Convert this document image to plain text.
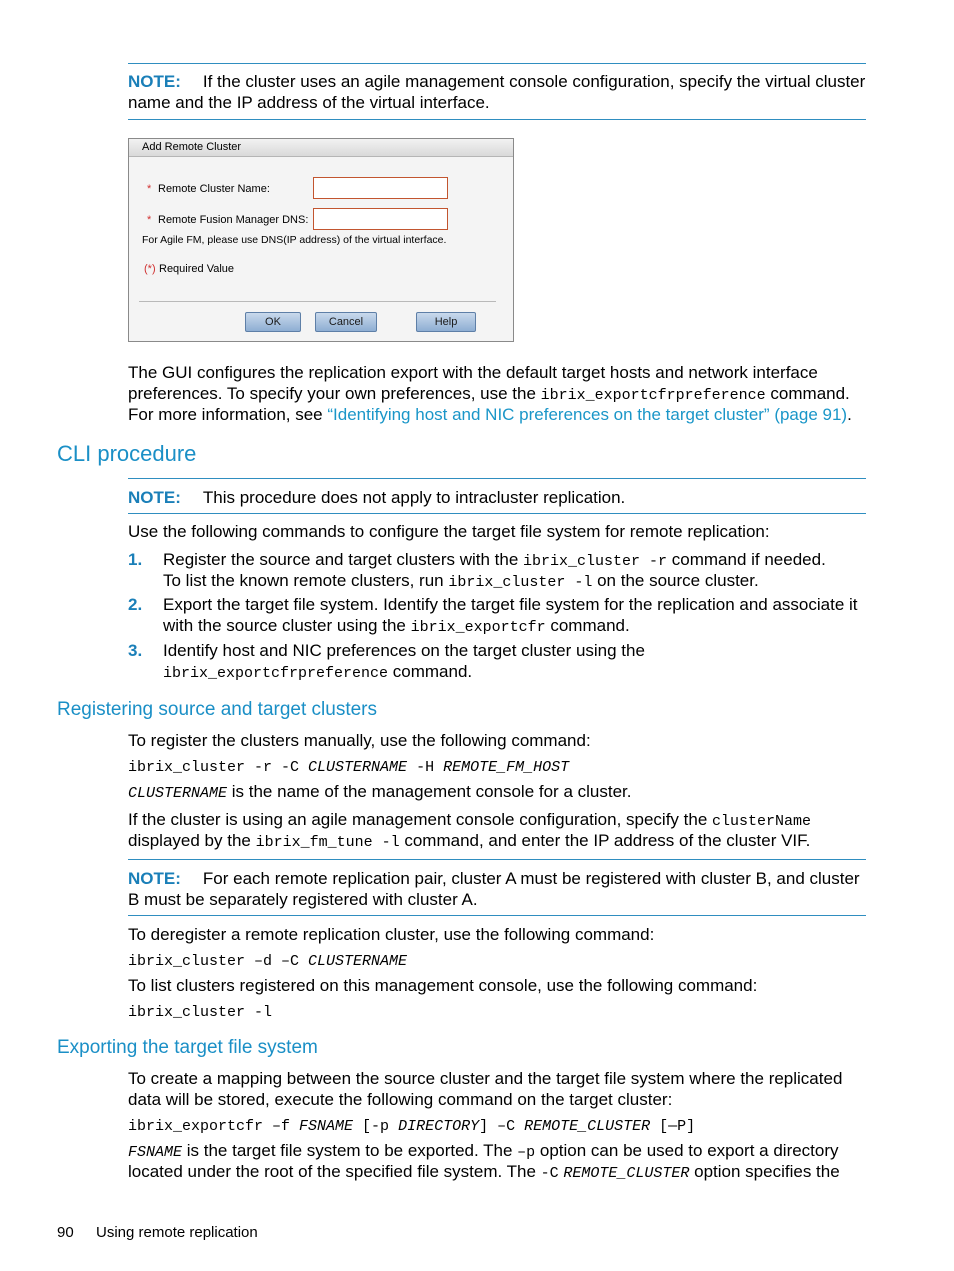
NOTE: If the cluster uses an agile management console configuration, specify the virtual cluster
name and the IP address of the virtual interface.
Add Remote Cluster
* Remote Cluster Name:
* Remote Fusion Manager DNS:
For Agile FM, please use DNS(IP address) of the virtual interface.
(*) Required Value
OK	Cancel	Help
The GUI configures the replication export with the default target hosts and network interface
preferences. To specify your own preferences, use the ibrix_exportcfrpreference command.
For more information, see “Identifying host and NIC preferences on the target cluster” (page 91).
CLI procedure
NOTE: This procedure does not apply to intracluster replication.
Use the following commands to configure the target file system for remote replication:
1. Register the source and target clusters with the ibrix_cluster -r command if needed.
To list the known remote clusters, run ibrix_cluster -l on the source cluster.
2. Export the target file system. Identify the target file system for the replication and associate it
with the source cluster using the ibrix_exportcfr command.
3. Identify host and NIC preferences on the target cluster using the
ibrix_exportcfrpreference command.
Registering source and target clusters
To register the clusters manually, use the following command:
ibrix_cluster -r -C CLUSTERNAME -H REMOTE_FM_HOST
CLUSTERNAME is the name of the management console for a cluster.
If the cluster is using an agile management console configuration, specify the clusterName
displayed by the ibrix_fm_tune -l command, and enter the IP address of the cluster VIF.
NOTE: For each remote replication pair, cluster A must be registered with cluster B, and cluster
B must be separately registered with cluster A.
To deregister a remote replication cluster, use the following command:
ibrix_cluster –d –C CLUSTERNAME
To list clusters registered on this management console, use the following command:
ibrix_cluster -l
Exporting the target file system
To create a mapping between the source cluster and the target file system where the replicated
data will be stored, execute the following command on the target cluster:
ibrix_exportcfr –f FSNAME [-p DIRECTORY] –C REMOTE_CLUSTER [—P]
FSNAME is the target file system to be exported. The –p option can be used to export a directory
located under the root of the specified file system. The -C REMOTE_CLUSTER option specifies the
90 Using remote replication
